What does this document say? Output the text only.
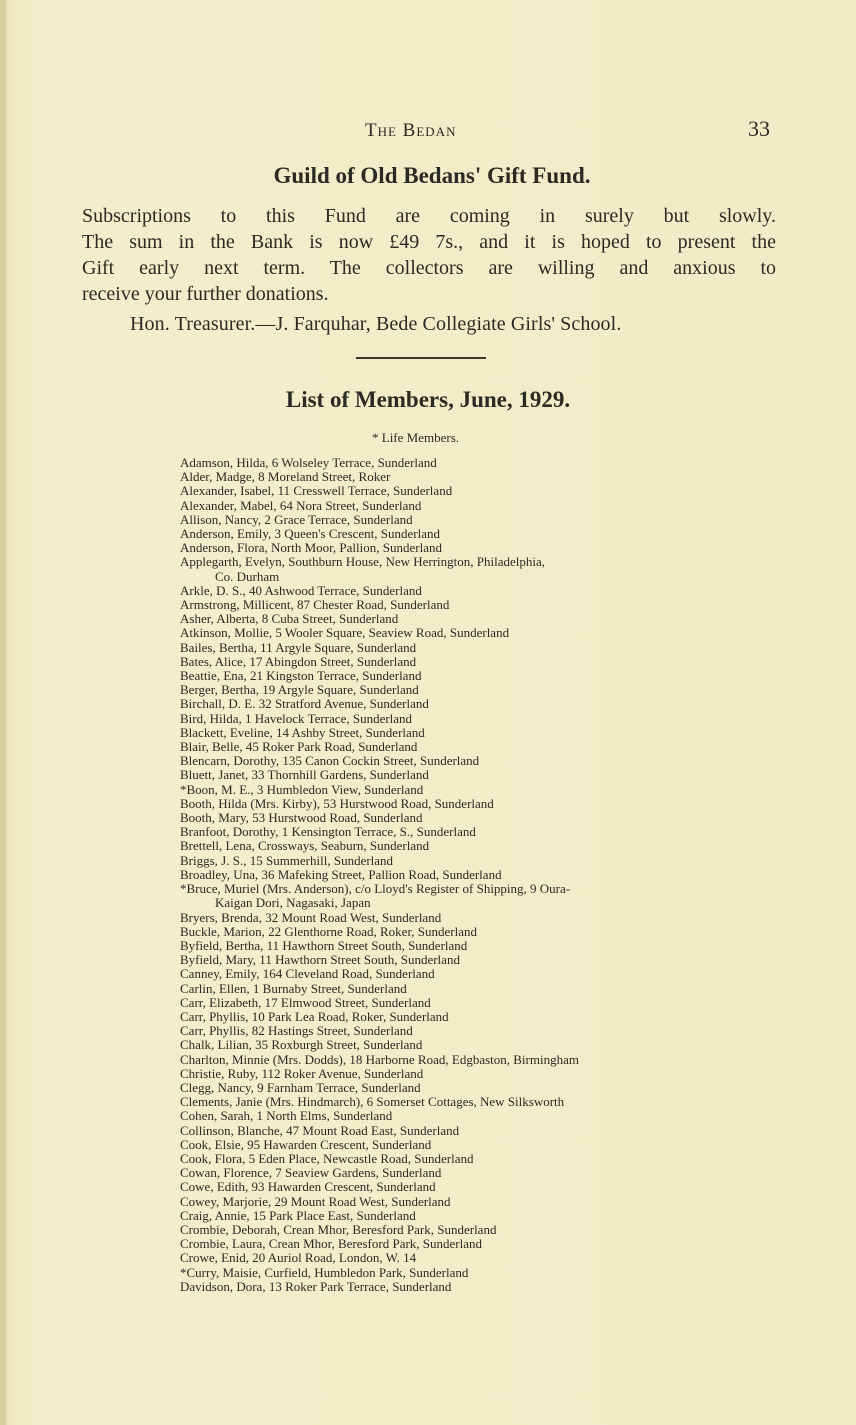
The Bedan	33
Guild of Old Bedans' Gift Fund.
Subscriptions to this Fund are coming in surely but slowly.
The sum in the Bank is now £49 7s., and it is hoped to present the
Gift early next term. The collectors are willing and anxious to
receive your further donations.
Hon. Treasurer.—J. Farquhar, Bede Collegiate Girls' School.
List of Members, June, 1929.
* Life Members.
Adamson, Hilda, 6 Wolseley Terrace, Sunderland
Alder, Madge, 8 Moreland Street, Roker
Alexander, Isabel, 11 Cresswell Terrace, Sunderland
Alexander, Mabel, 64 Nora Street, Sunderland
Allison, Nancy, 2 Grace Terrace, Sunderland
Anderson, Emily, 3 Queen's Crescent, Sunderland
Anderson, Flora, North Moor, Pallion, Sunderland
Applegarth, Evelyn, Southburn House, New Herrington, Philadelphia,
Co. Durham
Arkle, D. S., 40 Ashwood Terrace, Sunderland
Armstrong, Millicent, 87 Chester Road, Sunderland
Asher, Alberta, 8 Cuba Street, Sunderland
Atkinson, Mollie, 5 Wooler Square, Seaview Road, Sunderland
Bailes, Bertha, 11 Argyle Square, Sunderland
Bates, Alice, 17 Abingdon Street, Sunderland
Beattie, Ena, 21 Kingston Terrace, Sunderland
Berger, Bertha, 19 Argyle Square, Sunderland
Birchall, D. E. 32 Stratford Avenue, Sunderland
Bird, Hilda, 1 Havelock Terrace, Sunderland
Blackett, Eveline, 14 Ashby Street, Sunderland
Blair, Belle, 45 Roker Park Road, Sunderland
Blencarn, Dorothy, 135 Canon Cockin Street, Sunderland
Bluett, Janet, 33 Thornhill Gardens, Sunderland
*Boon, M. E., 3 Humbledon View, Sunderland
Booth, Hilda (Mrs. Kirby), 53 Hurstwood Road, Sunderland
Booth, Mary, 53 Hurstwood Road, Sunderland
Branfoot, Dorothy, 1 Kensington Terrace, S., Sunderland
Brettell, Lena, Crossways, Seaburn, Sunderland
Briggs, J. S., 15 Summerhill, Sunderland
Broadley, Una, 36 Mafeking Street, Pallion Road, Sunderland
*Bruce, Muriel (Mrs. Anderson), c/o Lloyd's Register of Shipping, 9 Oura-
Kaigan Dori, Nagasaki, Japan
Bryers, Brenda, 32 Mount Road West, Sunderland
Buckle, Marion, 22 Glenthorne Road, Roker, Sunderland
Byfield, Bertha, 11 Hawthorn Street South, Sunderland
Byfield, Mary, 11 Hawthorn Street South, Sunderland
Canney, Emily, 164 Cleveland Road, Sunderland
Carlin, Ellen, 1 Burnaby Street, Sunderland
Carr, Elizabeth, 17 Elmwood Street, Sunderland
Carr, Phyllis, 10 Park Lea Road, Roker, Sunderland
Carr, Phyllis, 82 Hastings Street, Sunderland
Chalk, Lilian, 35 Roxburgh Street, Sunderland
Charlton, Minnie (Mrs. Dodds), 18 Harborne Road, Edgbaston, Birmingham
Christie, Ruby, 112 Roker Avenue, Sunderland
Clegg, Nancy, 9 Farnham Terrace, Sunderland
Clements, Janie (Mrs. Hindmarch), 6 Somerset Cottages, New Silksworth
Cohen, Sarah, 1 North Elms, Sunderland
Collinson, Blanche, 47 Mount Road East, Sunderland
Cook, Elsie, 95 Hawarden Crescent, Sunderland
Cook, Flora, 5 Eden Place, Newcastle Road, Sunderland
Cowan, Florence, 7 Seaview Gardens, Sunderland
Cowe, Edith, 93 Hawarden Crescent, Sunderland
Cowey, Marjorie, 29 Mount Road West, Sunderland
Craig, Annie, 15 Park Place East, Sunderland
Crombie, Deborah, Crean Mhor, Beresford Park, Sunderland
Crombie, Laura, Crean Mhor, Beresford Park, Sunderland
Crowe, Enid, 20 Auriol Road, London, W. 14
*Curry, Maisie, Curfield, Humbledon Park, Sunderland
Davidson, Dora, 13 Roker Park Terrace, Sunderland
